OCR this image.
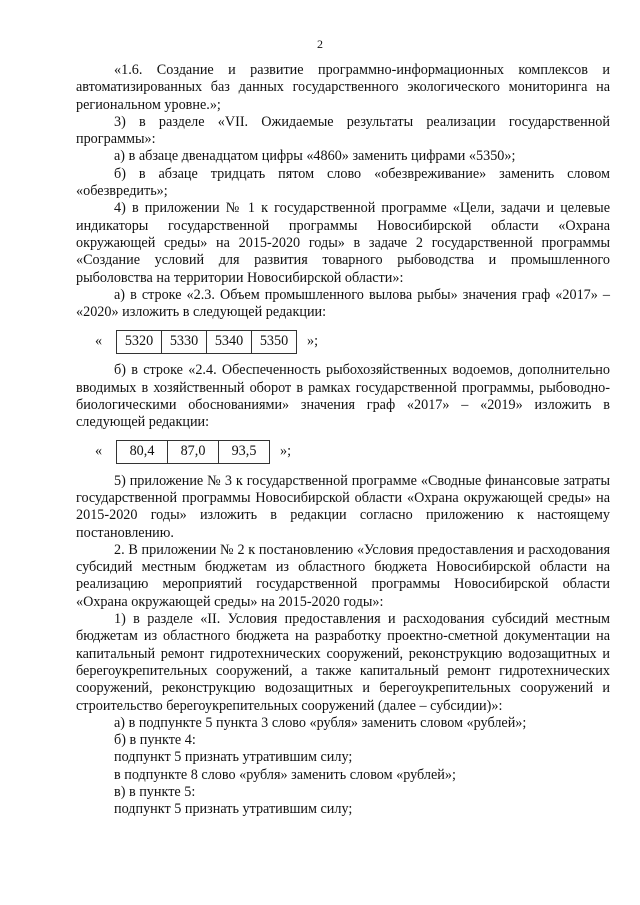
2

«1.6. Создание и развитие программно-информационных комплексов и автоматизированных баз данных государственного экологического мониторинга на региональном уровне.»;

3) в разделе «VII. Ожидаемые результаты реализации государственной программы»:

а) в абзаце двенадцатом цифры «4860» заменить цифрами «5350»;

б) в абзаце тридцать пятом слово «обезвреживание» заменить словом «обезвредить»;

4) в приложении № 1 к государственной программе «Цели, задачи и целевые индикаторы государственной программы Новосибирской области «Охрана окружающей среды» на 2015-2020 годы» в задаче 2 государственной программы «Создание условий для развития товарного рыбоводства и промышленного рыболовства на территории Новосибирской области»:

а) в строке «2.3. Объем промышленного вылова рыбы» значения граф «2017» – «2020» изложить в следующей редакции:

«	5320	5330	5340	5350 »;

б) в строке «2.4. Обеспеченность рыбохозяйственных водоемов, дополнительно вводимых в хозяйственный оборот в рамках государственной программы, рыбоводно-биологическими обоснованиями» значения граф «2017» – «2019» изложить в следующей редакции:

«	80,4	87,0	93,5 »;

5) приложение № 3 к государственной программе «Сводные финансовые затраты государственной программы Новосибирской области «Охрана окружающей среды» на 2015-2020 годы» изложить в редакции согласно приложению к настоящему постановлению.

2. В приложении № 2 к постановлению «Условия предоставления и расходования субсидий местным бюджетам из областного бюджета Новосибирской области на реализацию мероприятий государственной программы Новосибирской области «Охрана окружающей среды» на 2015-2020 годы»:

1) в разделе «II. Условия предоставления и расходования субсидий местным бюджетам из областного бюджета на разработку проектно-сметной документации на капитальный ремонт гидротехнических сооружений, реконструкцию водозащитных и берегоукрепительных сооружений, а также капитальный ремонт гидротехнических сооружений, реконструкцию водозащитных и берегоукрепительных сооружений и строительство берегоукрепительных сооружений (далее – субсидии)»:

а) в подпункте 5 пункта 3 слово «рубля» заменить словом «рублей»;

б) в пункте 4:

подпункт 5 признать утратившим силу;

в подпункте 8 слово «рубля» заменить словом «рублей»;

в) в пункте 5:

подпункт 5 признать утратившим силу;
